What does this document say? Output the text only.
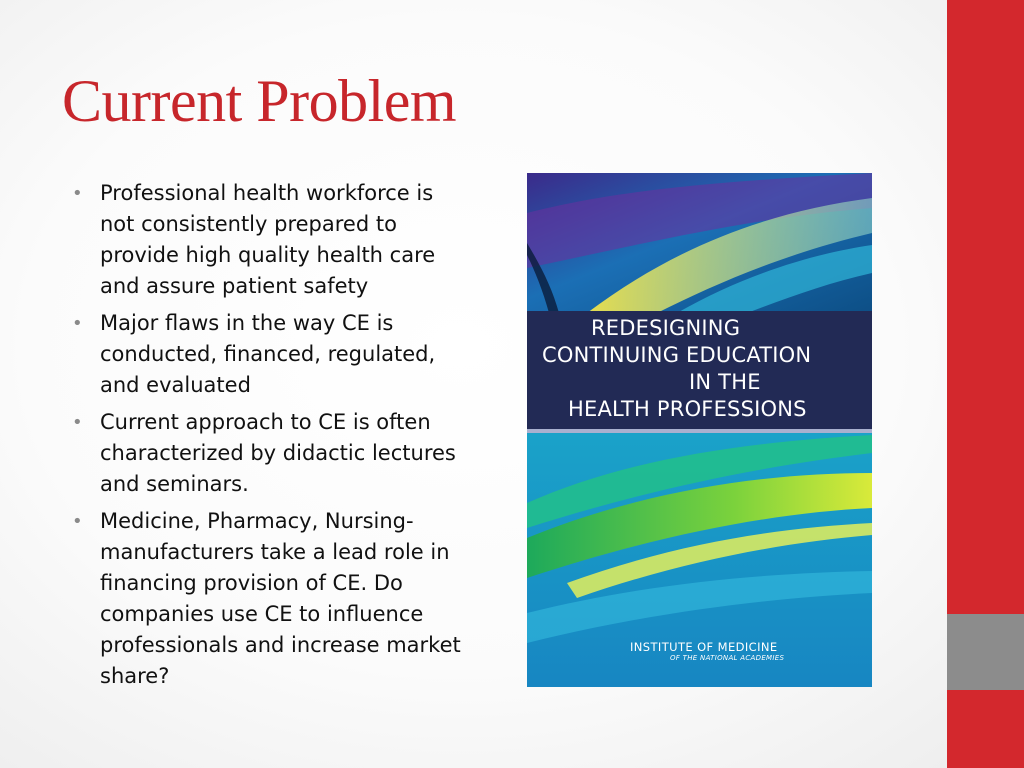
Current Problem
• Professional health workforce is not consistently prepared to provide high quality health care and assure patient safety
• Major flaws in the way CE is conducted, financed, regulated, and evaluated
• Current approach to CE is often characterized by didactic lectures and seminars.
• Medicine, Pharmacy, Nursing- manufacturers take a lead role in financing provision of CE. Do companies use CE to influence professionals and increase market share?
REDESIGNING
CONTINUING EDUCATION
IN THE
HEALTH PROFESSIONS
INSTITUTE OF MEDICINE
OF THE NATIONAL ACADEMIES
